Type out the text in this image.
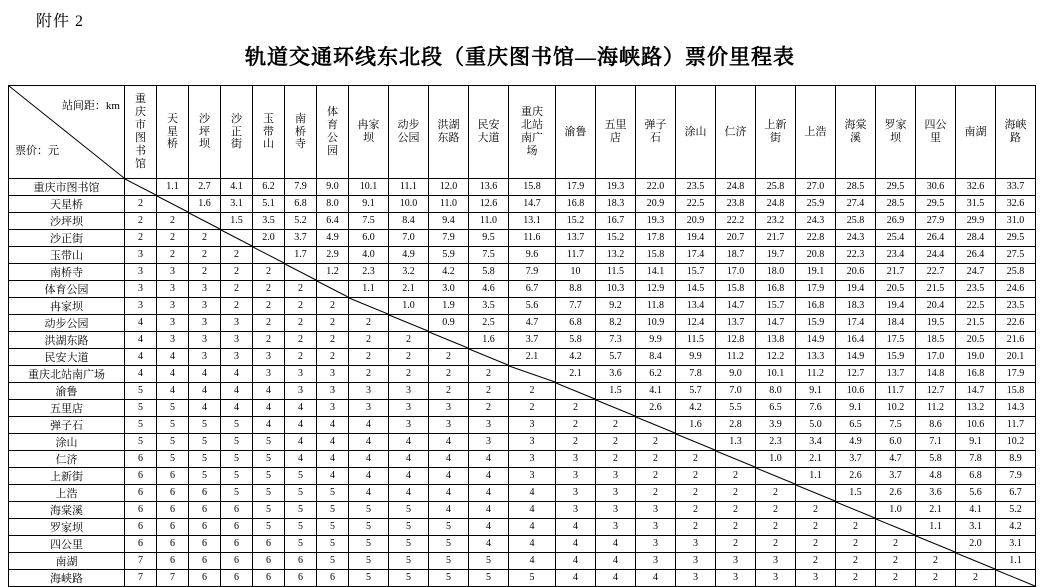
附件 2
轨道交通环线东北段（重庆图书馆—海峡路）票价里程表
站间距：km
票价：元	重庆市图书馆	天星桥	沙坪坝	沙正街	玉带山	南桥寺	体育公园	冉家坝	动步公园	洪湖东路	民安大道	重庆北站南广场	渝鲁	五里店	弹子石	涂山	仁济	上新街	上浩	海棠溪	罗家坝	四公里	南湖	海峡路
重庆市图书馆		1.1	2.7	4.1	6.2	7.9	9.0	10.1	11.1	12.0	13.6	15.8	17.9	19.3	22.0	23.5	24.8	25.8	27.0	28.5	29.5	30.6	32.6	33.7
天星桥	2		1.6	3.1	5.1	6.8	8.0	9.1	10.0	11.0	12.6	14.7	16.8	18.3	20.9	22.5	23.8	24.8	25.9	27.4	28.5	29.5	31.5	32.6
沙坪坝	2	2		1.5	3.5	5.2	6.4	7.5	8.4	9.4	11.0	13.1	15.2	16.7	19.3	20.9	22.2	23.2	24.3	25.8	26.9	27.9	29.9	31.0
沙正街	2	2	2		2.0	3.7	4.9	6.0	7.0	7.9	9.5	11.6	13.7	15.2	17.8	19.4	20.7	21.7	22.8	24.3	25.4	26.4	28.4	29.5
玉带山	3	2	2	2		1.7	2.9	4.0	4.9	5.9	7.5	9.6	11.7	13.2	15.8	17.4	18.7	19.7	20.8	22.3	23.4	24.4	26.4	27.5
南桥寺	3	3	2	2	2		1.2	2.3	3.2	4.2	5.8	7.9	10	11.5	14.1	15.7	17.0	18.0	19.1	20.6	21.7	22.7	24.7	25.8
体育公园	3	3	3	2	2	2		1.1	2.1	3.0	4.6	6.7	8.8	10.3	12.9	14.5	15.8	16.8	17.9	19.4	20.5	21.5	23.5	24.6
冉家坝	3	3	3	2	2	2	2		1.0	1.9	3.5	5.6	7.7	9.2	11.8	13.4	14.7	15.7	16.8	18.3	19.4	20.4	22.5	23.5
动步公园	4	3	3	3	2	2	2	2		0.9	2.5	4.7	6.8	8.2	10.9	12.4	13.7	14.7	15.9	17.4	18.4	19.5	21.5	22.6
洪湖东路	4	3	3	3	2	2	2	2	2		1.6	3.7	5.8	7.3	9.9	11.5	12.8	13.8	14.9	16.4	17.5	18.5	20.5	21.6
民安大道	4	4	3	3	3	2	2	2	2	2		2.1	4.2	5.7	8.4	9.9	11.2	12.2	13.3	14.9	15.9	17.0	19.0	20.1
重庆北站南广场	4	4	4	4	3	3	3	2	2	2	2		2.1	3.6	6.2	7.8	9.0	10.1	11.2	12.7	13.7	14.8	16.8	17.9
渝鲁	5	4	4	4	4	3	3	3	3	2	2	2		1.5	4.1	5.7	7.0	8.0	9.1	10.6	11.7	12.7	14.7	15.8
五里店	5	5	4	4	4	4	3	3	3	3	2	2	2		2.6	4.2	5.5	6.5	7.6	9.1	10.2	11.2	13.2	14.3
弹子石	5	5	5	5	4	4	4	4	3	3	3	3	2	2		1.6	2.8	3.9	5.0	6.5	7.5	8.6	10.6	11.7
涂山	5	5	5	5	5	4	4	4	4	4	3	3	2	2	2		1.3	2.3	3.4	4.9	6.0	7.1	9.1	10.2
仁济	6	5	5	5	5	4	4	4	4	4	4	3	3	2	2	2		1.0	2.1	3.7	4.7	5.8	7.8	8.9
上新街	6	6	5	5	5	5	4	4	4	4	4	3	3	3	2	2	2		1.1	2.6	3.7	4.8	6.8	7.9
上浩	6	6	6	5	5	5	5	4	4	4	4	4	3	3	2	2	2	2		1.5	2.6	3.6	5.6	6.7
海棠溪	6	6	6	6	5	5	5	5	5	4	4	4	3	3	3	2	2	2	2		1.0	2.1	4.1	5.2
罗家坝	6	6	6	6	5	5	5	5	5	5	4	4	4	3	3	2	2	2	2	2		1.1	3.1	4.2
四公里	6	6	6	6	6	5	5	5	5	5	4	4	4	4	3	3	2	2	2	2	2		2.0	3.1
南湖	7	6	6	6	6	6	5	5	5	5	5	4	4	4	3	3	3	3	2	2	2	2		1.1
海峡路	7	7	6	6	6	6	6	5	5	5	5	5	4	4	4	3	3	3	3	2	2	2	2	
